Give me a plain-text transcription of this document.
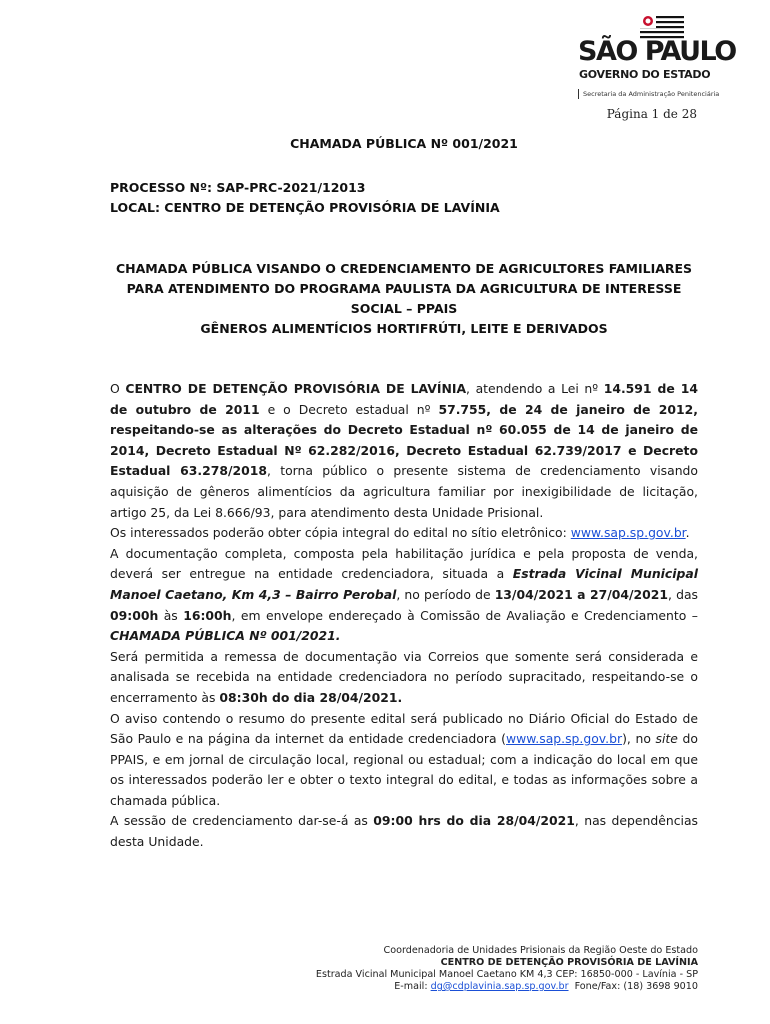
SÃO PAULO
GOVERNO DO ESTADO
Secretaria da Administração Penitenciária
Página 1 de 28
CHAMADA PÚBLICA Nº 001/2021
PROCESSO Nº: SAP-PRC-2021/12013
LOCAL: CENTRO DE DETENÇÃO PROVISÓRIA DE LAVÍNIA
CHAMADA PÚBLICA VISANDO O CREDENCIAMENTO DE AGRICULTORES FAMILIARES
PARA ATENDIMENTO DO PROGRAMA PAULISTA DA AGRICULTURA DE INTERESSE
SOCIAL – PPAIS
GÊNEROS ALIMENTÍCIOS HORTIFRÚTI, LEITE E DERIVADOS

O CENTRO DE DETENÇÃO PROVISÓRIA DE LAVÍNIA, atendendo a Lei nº 14.591 de 14 de outubro de 2011 e o Decreto estadual nº 57.755, de 24 de janeiro de 2012, respeitando-se as alterações do Decreto Estadual nº 60.055 de 14 de janeiro de 2014, Decreto Estadual Nº 62.282/2016, Decreto Estadual 62.739/2017 e Decreto Estadual 63.278/2018, torna público o presente sistema de credenciamento visando aquisição de gêneros alimentícios da agricultura familiar por inexigibilidade de licitação, artigo 25, da Lei 8.666/93, para atendimento desta Unidade Prisional.

Os interessados poderão obter cópia integral do edital no sítio eletrônico: www.sap.sp.gov.br.

A documentação completa, composta pela habilitação jurídica e pela proposta de venda, deverá ser entregue na entidade credenciadora, situada a Estrada Vicinal Municipal Manoel Caetano, Km 4,3 – Bairro Perobal, no período de 13/04/2021 a 27/04/2021, das 09:00h às 16:00h, em envelope endereçado à Comissão de Avaliação e Credenciamento – CHAMADA PÚBLICA Nº 001/2021.

Será permitida a remessa de documentação via Correios que somente será considerada e analisada se recebida na entidade credenciadora no período supracitado, respeitando-se o encerramento às 08:30h do dia 28/04/2021.

O aviso contendo o resumo do presente edital será publicado no Diário Oficial do Estado de São Paulo e na página da internet da entidade credenciadora (www.sap.sp.gov.br), no site do PPAIS, e em jornal de circulação local, regional ou estadual; com a indicação do local em que os interessados poderão ler e obter o texto integral do edital, e todas as informações sobre a chamada pública.

A sessão de credenciamento dar-se-á as 09:00 hrs do dia 28/04/2021, nas dependências desta Unidade.

Coordenadoria de Unidades Prisionais da Região Oeste do Estado
CENTRO DE DETENÇÃO PROVISÓRIA DE LAVÍNIA
Estrada Vicinal Municipal Manoel Caetano KM 4,3 CEP: 16850-000 - Lavínia - SP
E-mail: dg@cdplavinia.sap.sp.gov.br  Fone/Fax: (18) 3698 9010
